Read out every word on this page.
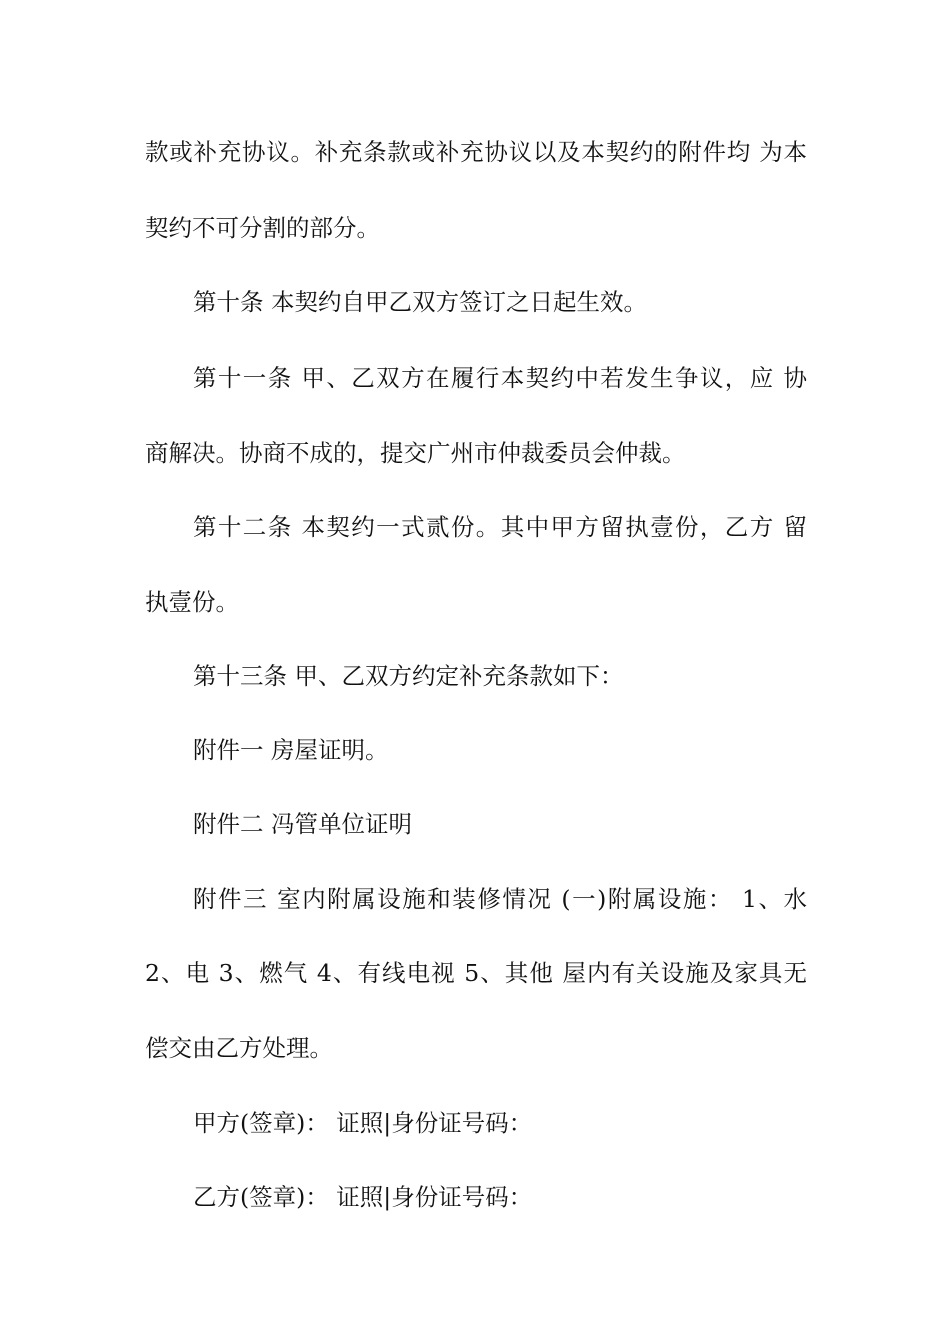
款或补充协议。补充条款或补充协议以及本契约的附件均 为本
契约不可分割的部分。
第十条 本契约自甲乙双方签订之日起生效。
第十一条 甲、乙双方在履行本契约中若发生争议，应 协
商解决。协商不成的，提交广州市仲裁委员会仲裁。
第十二条 本契约一式贰份。其中甲方留执壹份，乙方 留
执壹份。
第十三条 甲、乙双方约定补充条款如下：
附件一 房屋证明。
附件二 冯管单位证明
附件三 室内附属设施和装修情况 (一)附属设施： 1、水
2、电 3、燃气 4、有线电视 5、其他 屋内有关设施及家具无
偿交由乙方处理。
甲方(签章)： 证照|身份证号码：
乙方(签章)： 证照|身份证号码：
